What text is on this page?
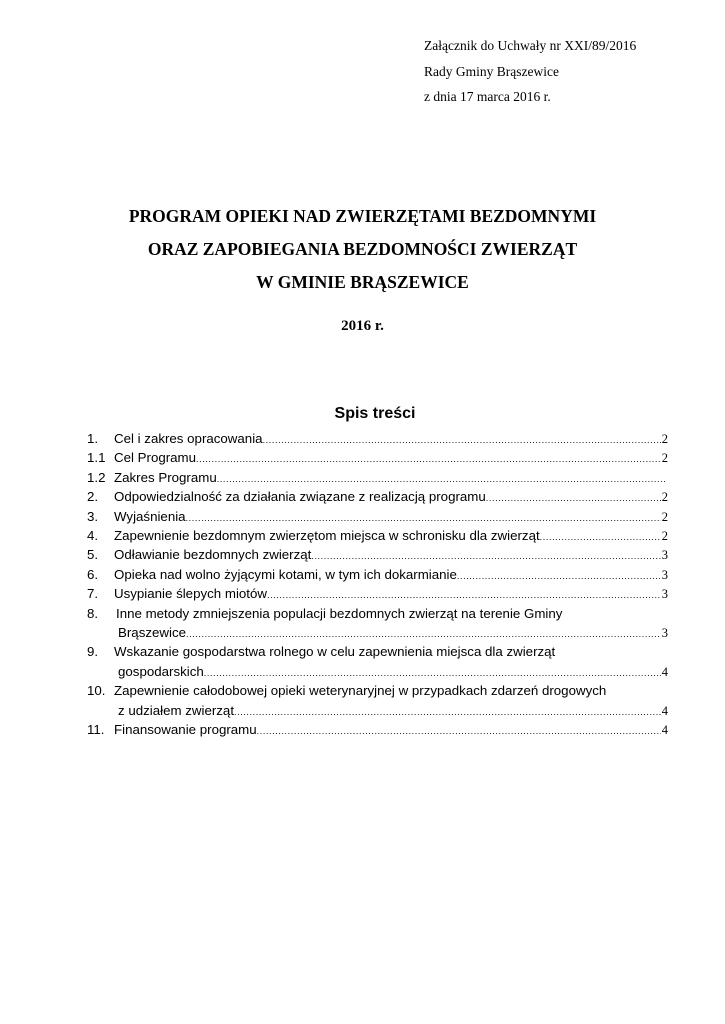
Załącznik do Uchwały nr XXI/89/2016
Rady Gminy Brąszewice
z dnia 17 marca 2016 r.
PROGRAM OPIEKI NAD ZWIERZĘTAMI BEZDOMNYMI
ORAZ ZAPOBIEGANIA BEZDOMNOŚCI ZWIERZĄT
W GMINIE BRĄSZEWICE
2016 r.
Spis treści
1. Cel i zakres opracowania .....	2
1.1 Cel Programu .....	2
1.2 Zakres Programu
.....
2. Odpowiedzialność za działania związane z realizacją programu .....	2
3. Wyjaśnienia .....	2
4. Zapewnienie bezdomnym zwierzętom miejsca w schronisku dla zwierząt .....	2
5. Odławianie bezdomnych zwierząt .....	3
6. Opieka nad wolno żyjącymi kotami, w tym ich dokarmianie .....	3
7. Usypianie ślepych miotów .....	3
8. Inne metody zmniejszenia populacji bezdomnych zwierząt na terenie Gminy
Brąszewice .....	3
9. Wskazanie gospodarstwa rolnego w celu zapewnienia miejsca dla zwierząt
gospodarskich .....	4
10. Zapewnienie całodobowej opieki weterynaryjnej w przypadkach zdarzeń drogowych
z udziałem zwierząt .....	4
11. Finansowanie programu .....	4
